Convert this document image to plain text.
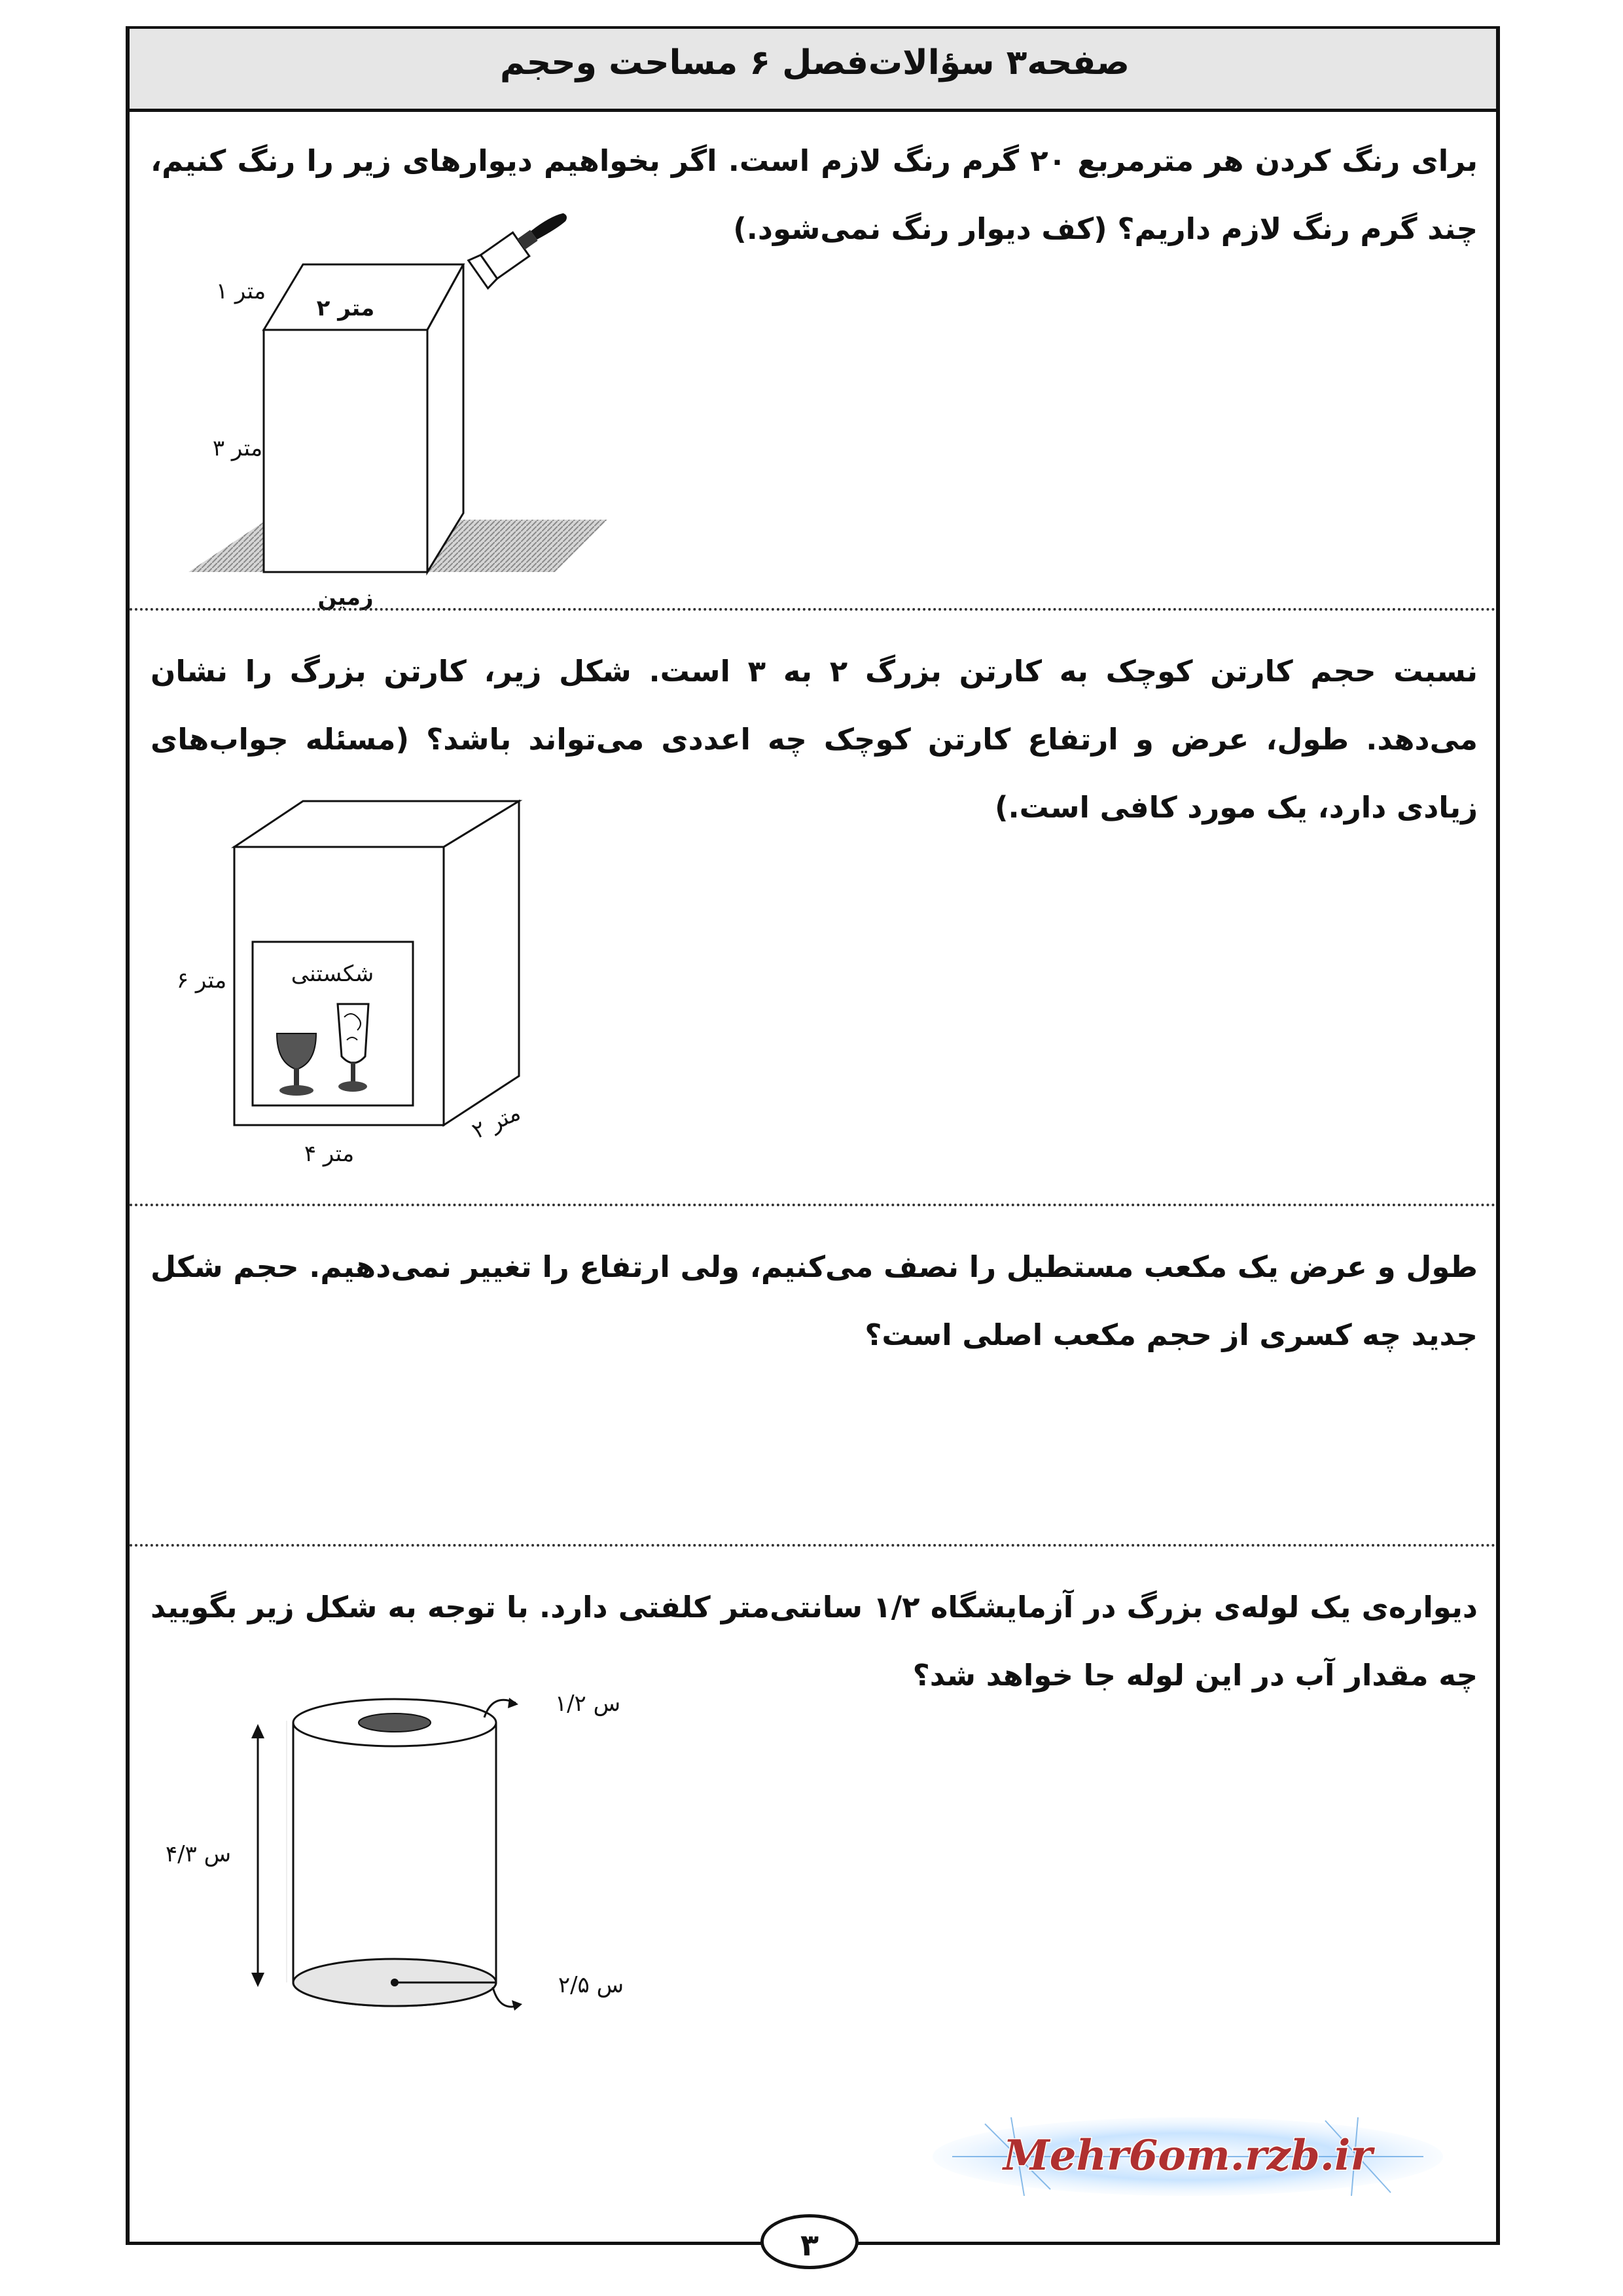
صفحه۳ سؤالات‌فصل ۶ مساحت وحجم

برای رنگ کردن هر مترمربع ۲۰ گرم رنگ لازم است. اگر بخواهیم دیوارهای زیر را رنگ کنیم، چند گرم رنگ لازم داریم؟ (کف دیوار رنگ نمی‌شود.)

۱ متر
۲ متر
۳ متر
زمین

نسبت حجم کارتن کوچک به کارتن بزرگ ۲ به ۳ است. شکل زیر، کارتن بزرگ را نشان می‌دهد. طول، عرض و ارتفاع کارتن کوچک چه اعددی می‌تواند باشد؟ (مسئله جواب‌های زیادی دارد، یک مورد کافی است.)

شکستنی
۶ متر
۲ متر
۴ متر

طول و عرض یک مکعب مستطیل را نصف می‌کنیم، ولی ارتفاع را تغییر نمی‌دهیم. حجم شکل جدید چه کسری از حجم مکعب اصلی است؟

دیواره‌ی یک لوله‌ی بزرگ در آزمایشگاه ۱/۲ سانتی‌متر کلفتی دارد. با توجه به شکل زیر بگویید چه مقدار آب در این لوله جا خواهد شد؟

۱/۲ س
۴/۳ س
۲/۵ س
Mehr6om.rzb.ir
۳
